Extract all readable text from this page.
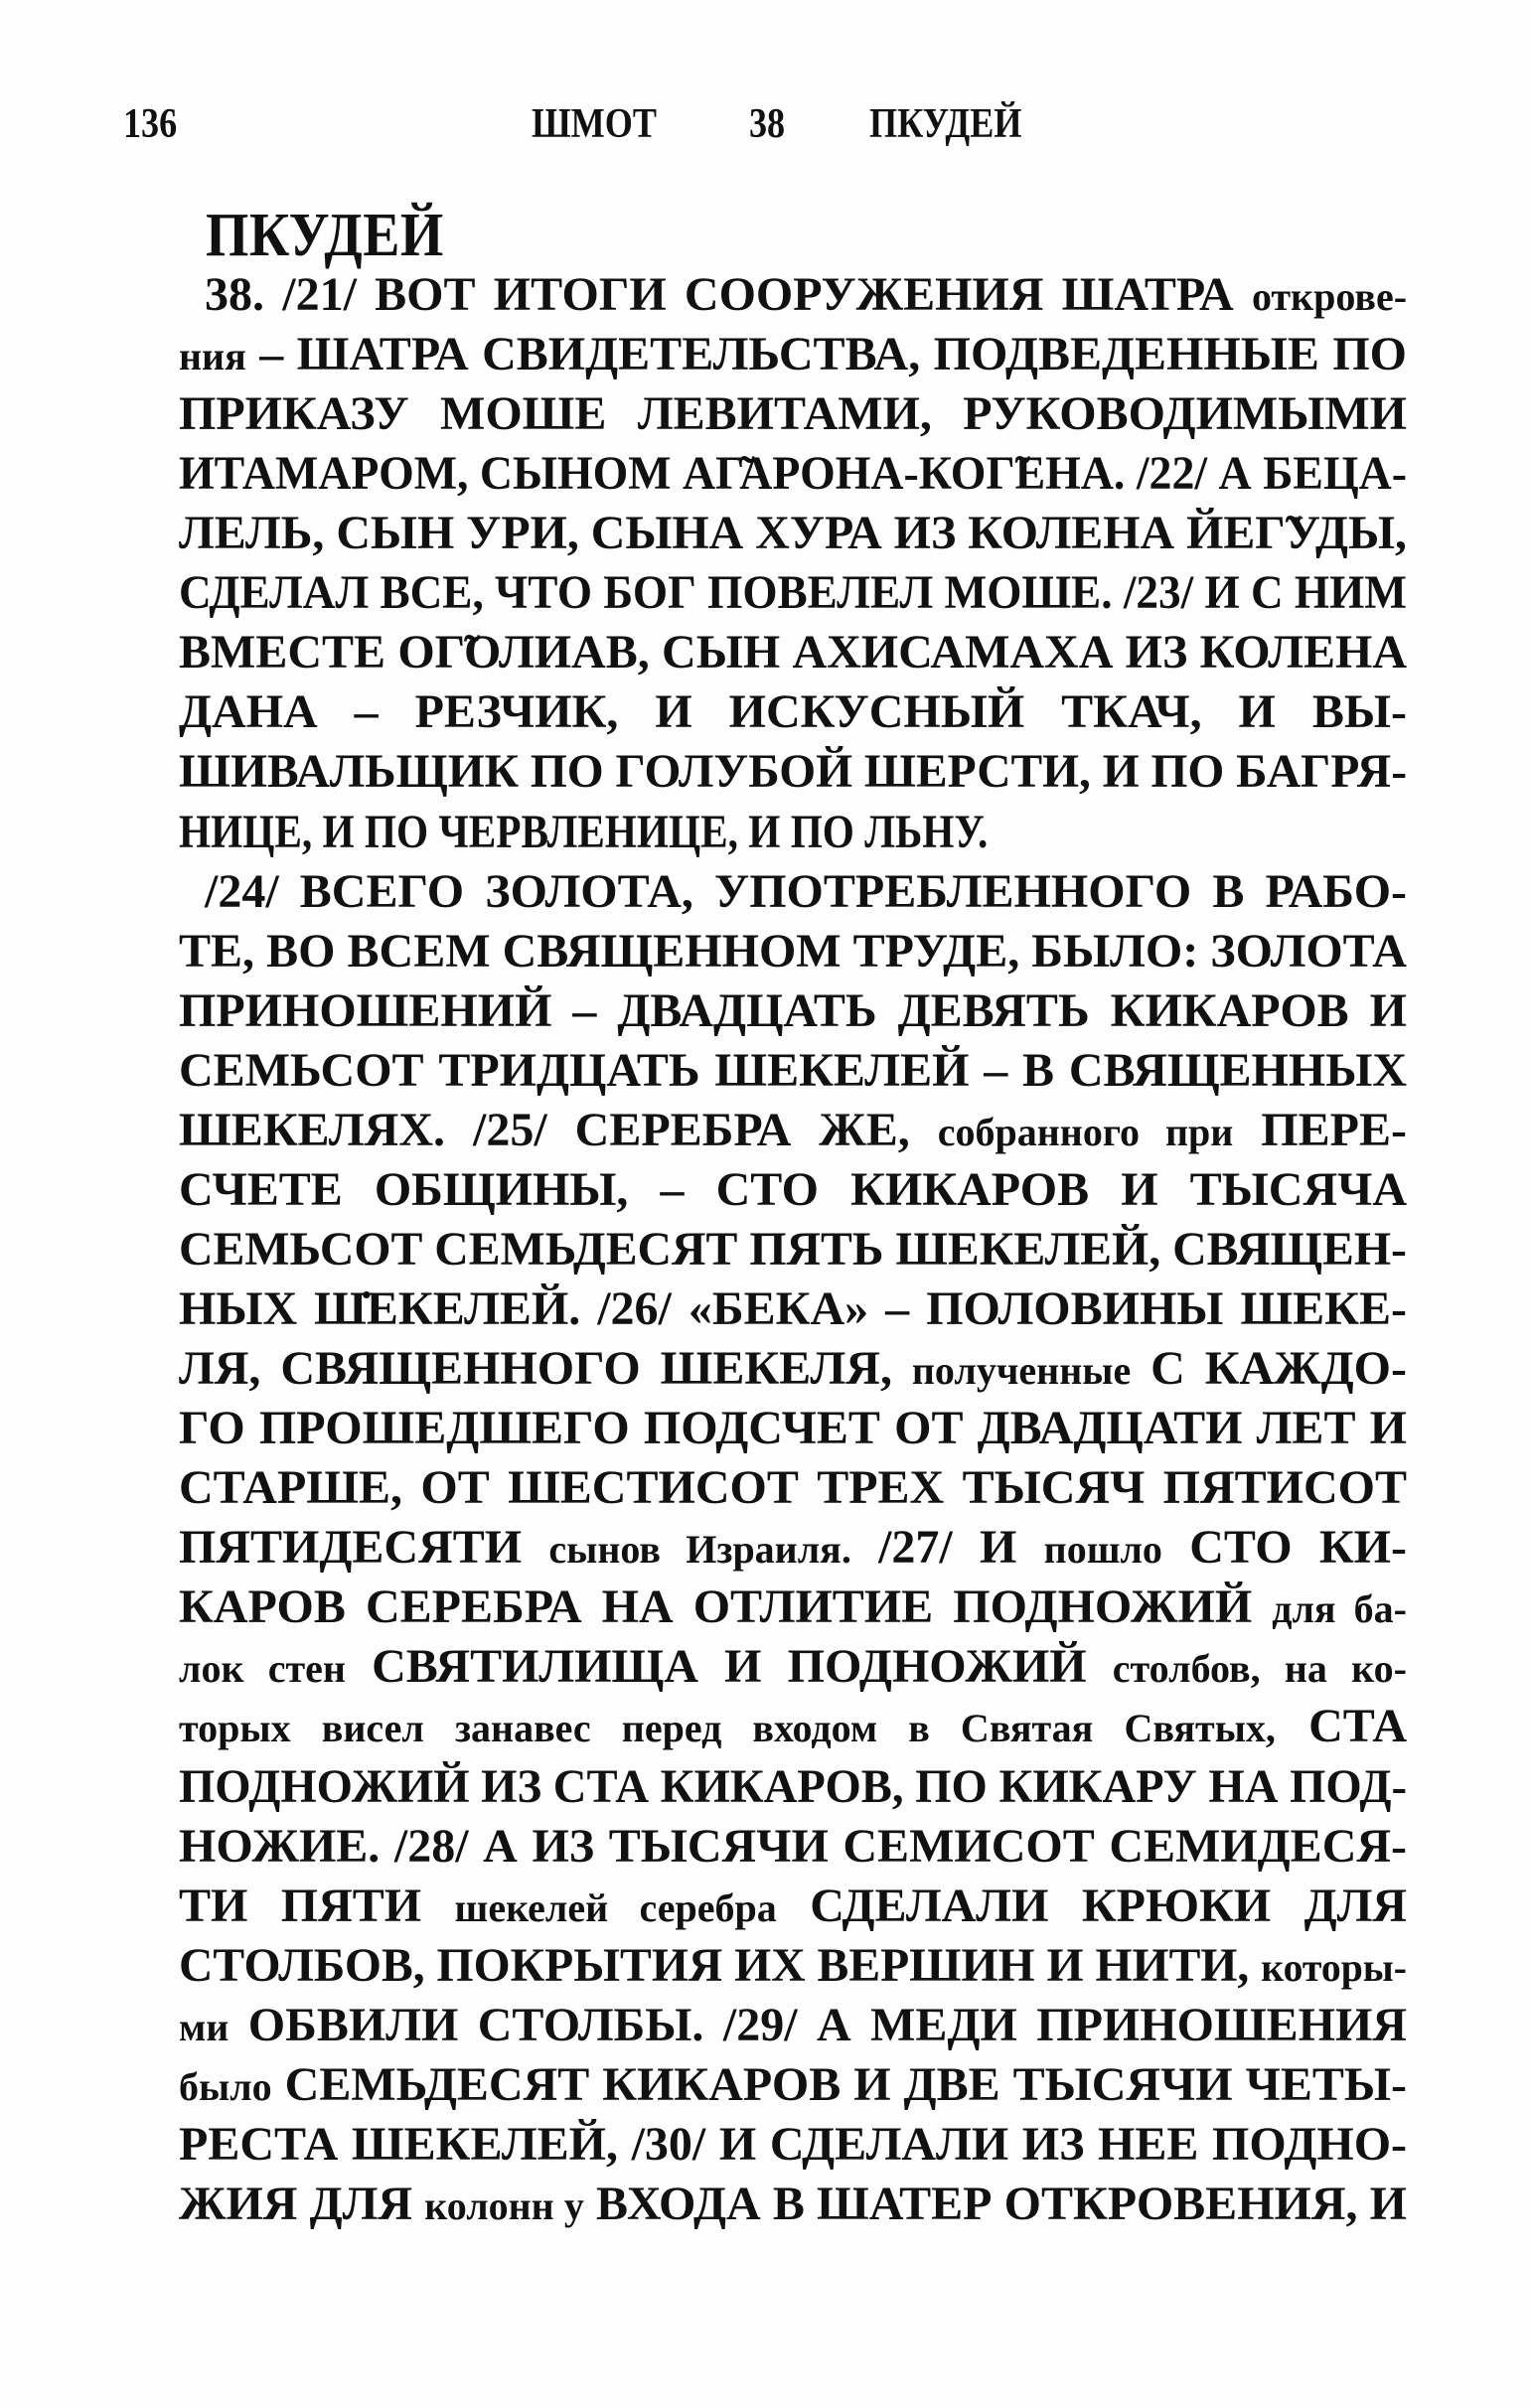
136	ШМОТ 38 ПКУДЕЙ
ПКУДЕЙ
38. /21/ ВОТ ИТОГИ СООРУЖЕНИЯ ШАТРА открове-
ния – ШАТРА СВИДЕТЕЛЬСТВА, ПОДВЕДЕННЫЕ ПО
ПРИКАЗУ МОШЕ ЛЕВИТАМИ, РУКОВОДИМЫМИ
ИТАМАРОМ, СЫНОМ АГ̃АРОНА-КОГ̃ЕНА. /22/ А БЕЦА-
ЛЕЛЬ, СЫН УРИ, СЫНА ХУРА ИЗ КОЛЕНА ЙЕГ̃УДЫ,
СДЕЛАЛ ВСЕ, ЧТО БОГ ПОВЕЛЕЛ МОШЕ. /23/ И С НИМ
ВМЕСТЕ ОГ̃ОЛИАВ, СЫН АХИСАМАХА ИЗ КОЛЕНА
ДАНА – РЕЗЧИК, И ИСКУСНЫЙ ТКАЧ, И ВЫ-
ШИВАЛЬЩИК ПО ГОЛУБОЙ ШЕРСТИ, И ПО БАГРЯ-
НИЦЕ, И ПО ЧЕРВЛЕНИЦЕ, И ПО ЛЬНУ.
/24/ ВСЕГО ЗОЛОТА, УПОТРЕБЛЕННОГО В РАБО-
ТЕ, ВО ВСЕМ СВЯЩЕННОМ ТРУДЕ, БЫЛО: ЗОЛОТА
ПРИНОШЕНИЙ – ДВАДЦАТЬ ДЕВЯТЬ КИКАРОВ И
СЕМЬСОТ ТРИДЦАТЬ ШЕКЕЛЕЙ – В СВЯЩЕННЫХ
ШЕКЕЛЯХ. /25/ СЕРЕБРА ЖЕ, собранного при ПЕРЕ-
СЧЕТЕ ОБЩИНЫ, – СТО КИКАРОВ И ТЫСЯЧА
СЕМЬСОТ СЕМЬДЕСЯТ ПЯТЬ ШЕКЕЛЕЙ, СВЯЩЕН-
НЫХ Ш̇ЕКЕЛЕЙ. /26/ «БЕКА» – ПОЛОВИНЫ ШЕКЕ-
ЛЯ, СВЯЩЕННОГО ШЕКЕЛЯ, полученные С КАЖДО-
ГО ПРОШЕДШЕГО ПОДСЧЕТ ОТ ДВАДЦАТИ ЛЕТ И
СТАРШЕ, ОТ ШЕСТИСОТ ТРЕХ ТЫСЯЧ ПЯТИСОТ
ПЯТИДЕСЯТИ сынов Израиля. /27/ И пошло СТО КИ-
КАРОВ СЕРЕБРА НА ОТЛИТИЕ ПОДНОЖИЙ для ба-
лок стен СВЯТИЛИЩА И ПОДНОЖИЙ столбов, на ко-
торых висел занавес перед входом в Святая Святых, СТА
ПОДНОЖИЙ ИЗ СТА КИКАРОВ, ПО КИКАРУ НА ПОД-
НОЖИЕ. /28/ А ИЗ ТЫСЯЧИ СЕМИСОТ СЕМИДЕСЯ-
ТИ ПЯТИ шекелей серебра СДЕЛАЛИ КРЮКИ ДЛЯ
СТОЛБОВ, ПОКРЫТИЯ ИХ ВЕРШИН И НИТИ, которы-
ми ОБВИЛИ СТОЛБЫ. /29/ А МЕДИ ПРИНОШЕНИЯ
было СЕМЬДЕСЯТ КИКАРОВ И ДВЕ ТЫСЯЧИ ЧЕТЫ-
РЕСТА ШЕКЕЛЕЙ, /30/ И СДЕЛАЛИ ИЗ НЕЕ ПОДНО-
ЖИЯ ДЛЯ колонн у ВХОДА В ШАТЕР ОТКРОВЕНИЯ, И
